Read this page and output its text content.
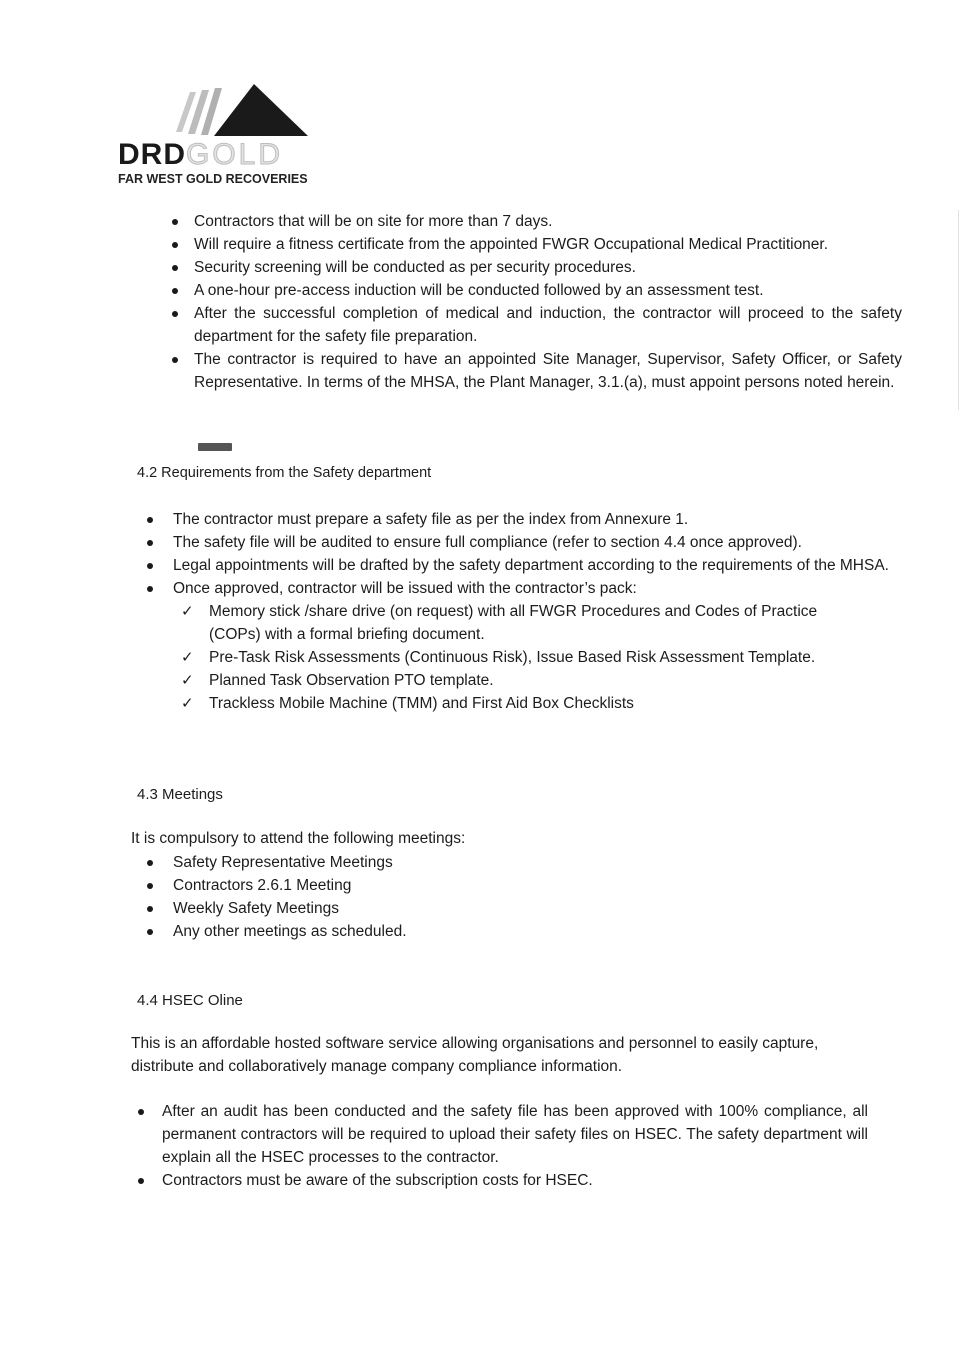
DRDGOLD
FAR WEST GOLD RECOVERIES
Contractors that will be on site for more than 7 days.
Will require a fitness certificate from the appointed FWGR Occupational Medical Practitioner.
Security screening will be conducted as per security procedures.
A one-hour pre-access induction will be conducted followed by an assessment test.
After the successful completion of medical and induction, the contractor will proceed to the safety department for the safety file preparation.
The contractor is required to have an appointed Site Manager, Supervisor, Safety Officer, or Safety Representative. In terms of the MHSA, the Plant Manager, 3.1.(a), must appoint persons noted herein.
4.2 Requirements from the Safety department
The contractor must prepare a safety file as per the index from Annexure 1.
The safety file will be audited to ensure full compliance (refer to section 4.4 once approved).
Legal appointments will be drafted by the safety department according to the requirements of the MHSA.
Once approved, contractor will be issued with the contractor’s pack:
✓ Memory stick /share drive (on request) with all FWGR Procedures and Codes of Practice (COPs) with a formal briefing document.
✓ Pre-Task Risk Assessments (Continuous Risk), Issue Based Risk Assessment Template.
✓ Planned Task Observation PTO template.
✓ Trackless Mobile Machine (TMM) and First Aid Box Checklists
4.3 Meetings
It is compulsory to attend the following meetings:
Safety Representative Meetings
Contractors 2.6.1 Meeting
Weekly Safety Meetings
Any other meetings as scheduled.
4.4 HSEC Oline
This is an affordable hosted software service allowing organisations and personnel to easily capture, distribute and collaboratively manage company compliance information.
After an audit has been conducted and the safety file has been approved with 100% compliance, all permanent contractors will be required to upload their safety files on HSEC. The safety department will explain all the HSEC processes to the contractor.
Contractors must be aware of the subscription costs for HSEC.
